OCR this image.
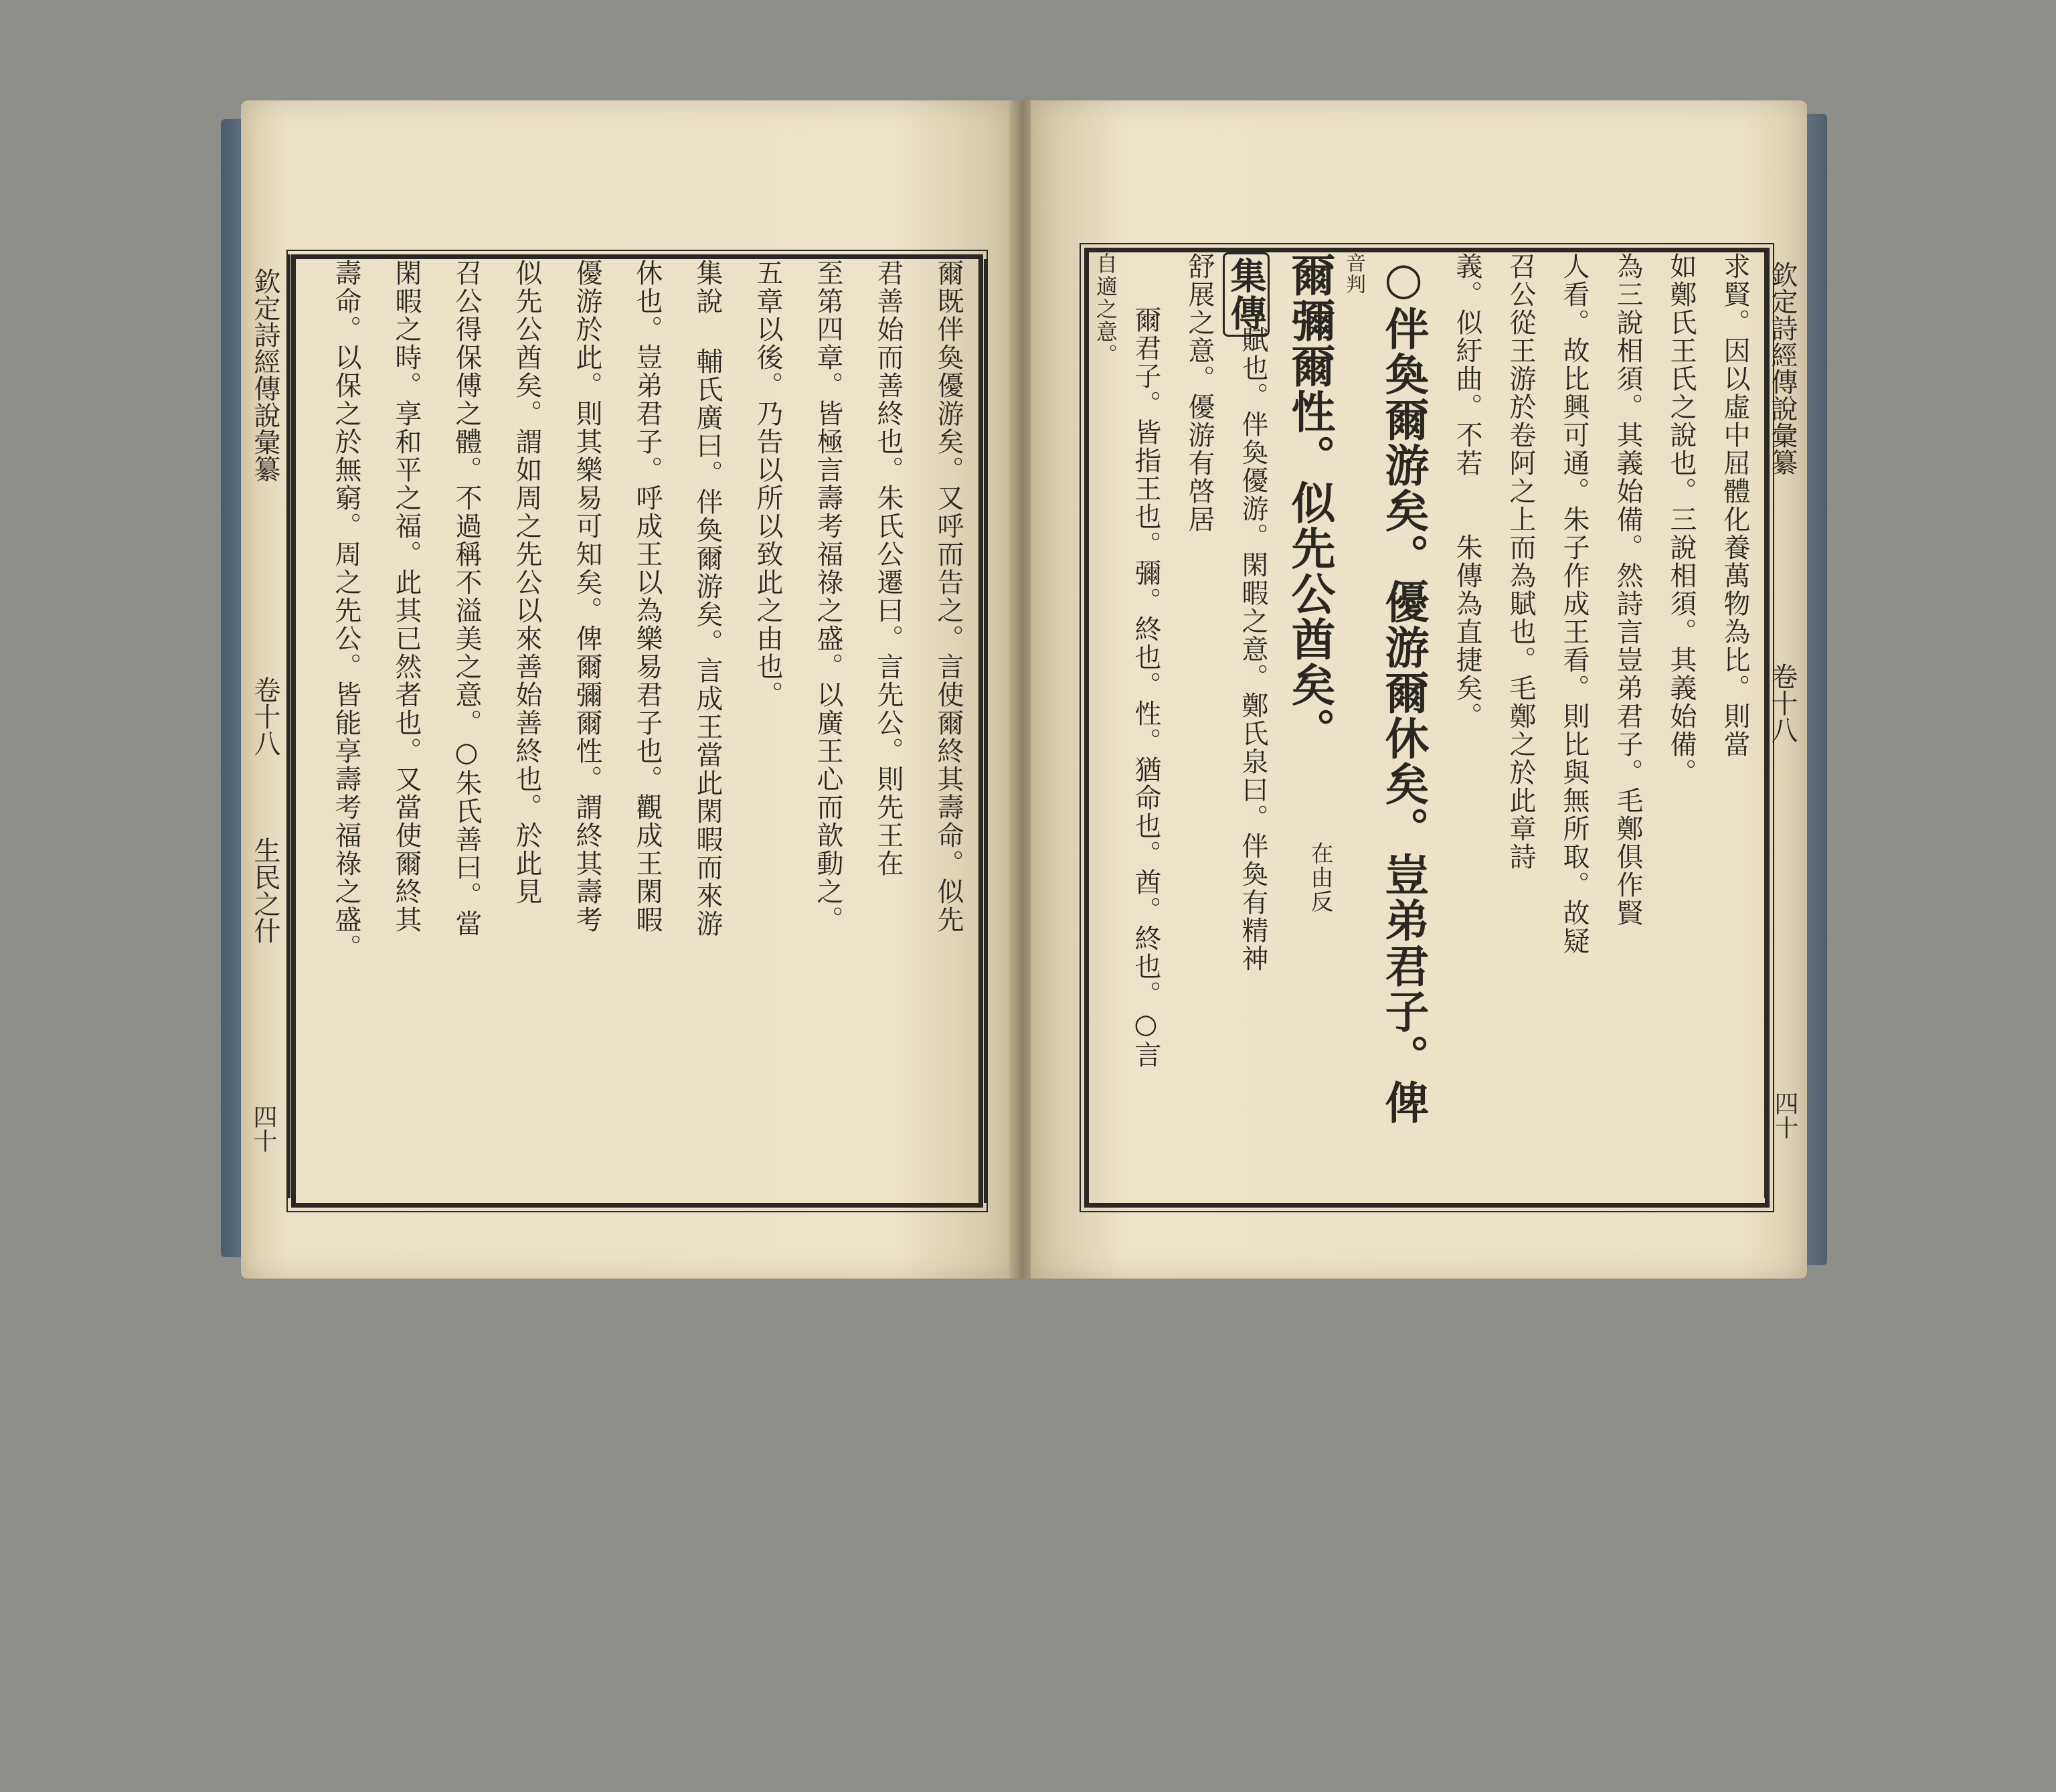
爾既伴奐優游矣。又呼而告之。言使爾終其壽命。似先
君善始而善終也。朱氏公遷曰。言先公。則先王在
至第四章。皆極言壽考福祿之盛。以廣王心而歆動之。
五章以後。乃告以所以致此之由也。
集說 輔氏廣曰。伴奐爾游矣。言成王當此閑暇而來游
休也。豈弟君子。呼成王以為樂易君子也。觀成王閑暇
優游於此。則其樂易可知矣。俾爾彌爾性。謂終其壽考
似先公酋矣。謂如周之先公以來善始善終也。於此見
召公得保傅之體。不過稱不溢美之意。○朱氏善曰。當
閑暇之時。享和平之福。此其已然者也。又當使爾終其
壽命。以保之於無窮。周之先公。皆能享壽考福祿之盛。
欽定詩經傳說彙纂
卷十八
生民之什
四十
求賢。因以虛中屈體化養萬物為比。則當
如鄭氏王氏之說也。三說相須。其義始備。
為三說相須。其義始備。然詩言豈弟君子。毛鄭俱作賢
人看。故比興可通。朱子作成王看。則比與無所取。故疑
召公從王游於卷阿之上而為賦也。毛鄭之於此章詩
義。似紆曲。不若
朱傳為直捷矣。
○伴奐爾游矣。優游爾休矣。豈弟君子。俾
音判
爾彌爾性。似先公酋矣。
在由反
集傳
賦也。伴奐優游。閑暇之意。鄭氏泉曰。伴奐有精神
舒展之意。優游有啓居
爾君子。皆指王也。彌。終也。性。猶命也。酋。終也。○言
自適之意。	欽定詩經傳說彙纂
卷十八
四十
